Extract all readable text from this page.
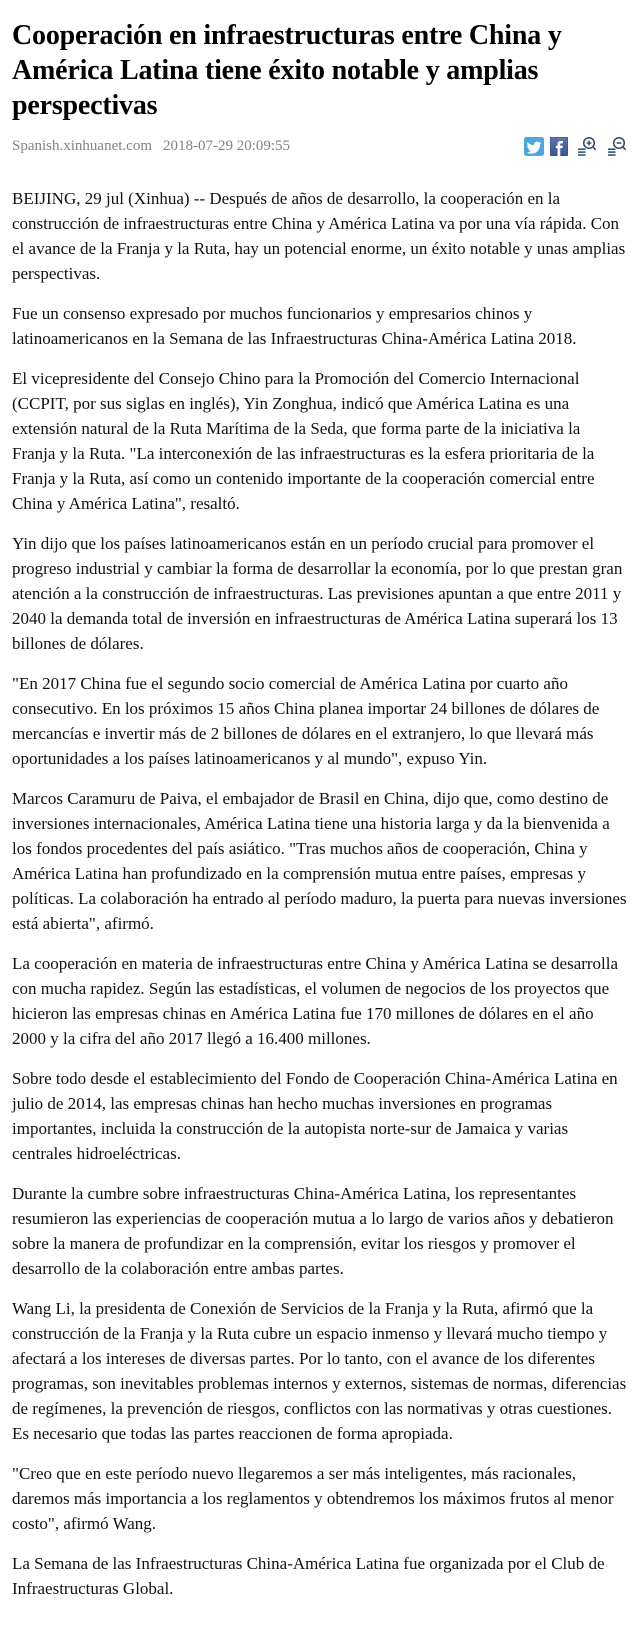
Cooperación en infraestructuras entre China y América Latina tiene éxito notable y amplias perspectivas
Spanish.xinhuanet.com 2018-07-29 20:09:55

BEIJING, 29 jul (Xinhua) -- Después de años de desarrollo, la cooperación en la construcción de infraestructuras entre China y América Latina va por una vía rápida. Con el avance de la Franja y la Ruta, hay un potencial enorme, un éxito notable y unas amplias perspectivas.

Fue un consenso expresado por muchos funcionarios y empresarios chinos y latinoamericanos en la Semana de las Infraestructuras China-América Latina 2018.

El vicepresidente del Consejo Chino para la Promoción del Comercio Internacional (CCPIT, por sus siglas en inglés), Yin Zonghua, indicó que América Latina es una extensión natural de la Ruta Marítima de la Seda, que forma parte de la iniciativa la Franja y la Ruta. "La interconexión de las infraestructuras es la esfera prioritaria de la Franja y la Ruta, así como un contenido importante de la cooperación comercial entre China y América Latina", resaltó.

Yin dijo que los países latinoamericanos están en un período crucial para promover el progreso industrial y cambiar la forma de desarrollar la economía, por lo que prestan gran atención a la construcción de infraestructuras. Las previsiones apuntan a que entre 2011 y 2040 la demanda total de inversión en infraestructuras de América Latina superará los 13 billones de dólares.

"En 2017 China fue el segundo socio comercial de América Latina por cuarto año consecutivo. En los próximos 15 años China planea importar 24 billones de dólares de mercancías e invertir más de 2 billones de dólares en el extranjero, lo que llevará más oportunidades a los países latinoamericanos y al mundo", expuso Yin.

Marcos Caramuru de Paiva, el embajador de Brasil en China, dijo que, como destino de inversiones internacionales, América Latina tiene una historia larga y da la bienvenida a los fondos procedentes del país asiático. "Tras muchos años de cooperación, China y América Latina han profundizado en la comprensión mutua entre países, empresas y políticas. La colaboración ha entrado al período maduro, la puerta para nuevas inversiones está abierta", afirmó.

La cooperación en materia de infraestructuras entre China y América Latina se desarrolla con mucha rapidez. Según las estadísticas, el volumen de negocios de los proyectos que hicieron las empresas chinas en América Latina fue 170 millones de dólares en el año 2000 y la cifra del año 2017 llegó a 16.400 millones.

Sobre todo desde el establecimiento del Fondo de Cooperación China-América Latina en julio de 2014, las empresas chinas han hecho muchas inversiones en programas importantes, incluida la construcción de la autopista norte-sur de Jamaica y varias centrales hidroeléctricas.

Durante la cumbre sobre infraestructuras China-América Latina, los representantes resumieron las experiencias de cooperación mutua a lo largo de varios años y debatieron sobre la manera de profundizar en la comprensión, evitar los riesgos y promover el desarrollo de la colaboración entre ambas partes.

Wang Li, la presidenta de Conexión de Servicios de la Franja y la Ruta, afirmó que la construcción de la Franja y la Ruta cubre un espacio inmenso y llevará mucho tiempo y afectará a los intereses de diversas partes. Por lo tanto, con el avance de los diferentes programas, son inevitables problemas internos y externos, sistemas de normas, diferencias de regímenes, la prevención de riesgos, conflictos con las normativas y otras cuestiones. Es necesario que todas las partes reaccionen de forma apropiada.

"Creo que en este período nuevo llegaremos a ser más inteligentes, más racionales, daremos más importancia a los reglamentos y obtendremos los máximos frutos al menor costo", afirmó Wang.

La Semana de las Infraestructuras China-América Latina fue organizada por el Club de Infraestructuras Global.
